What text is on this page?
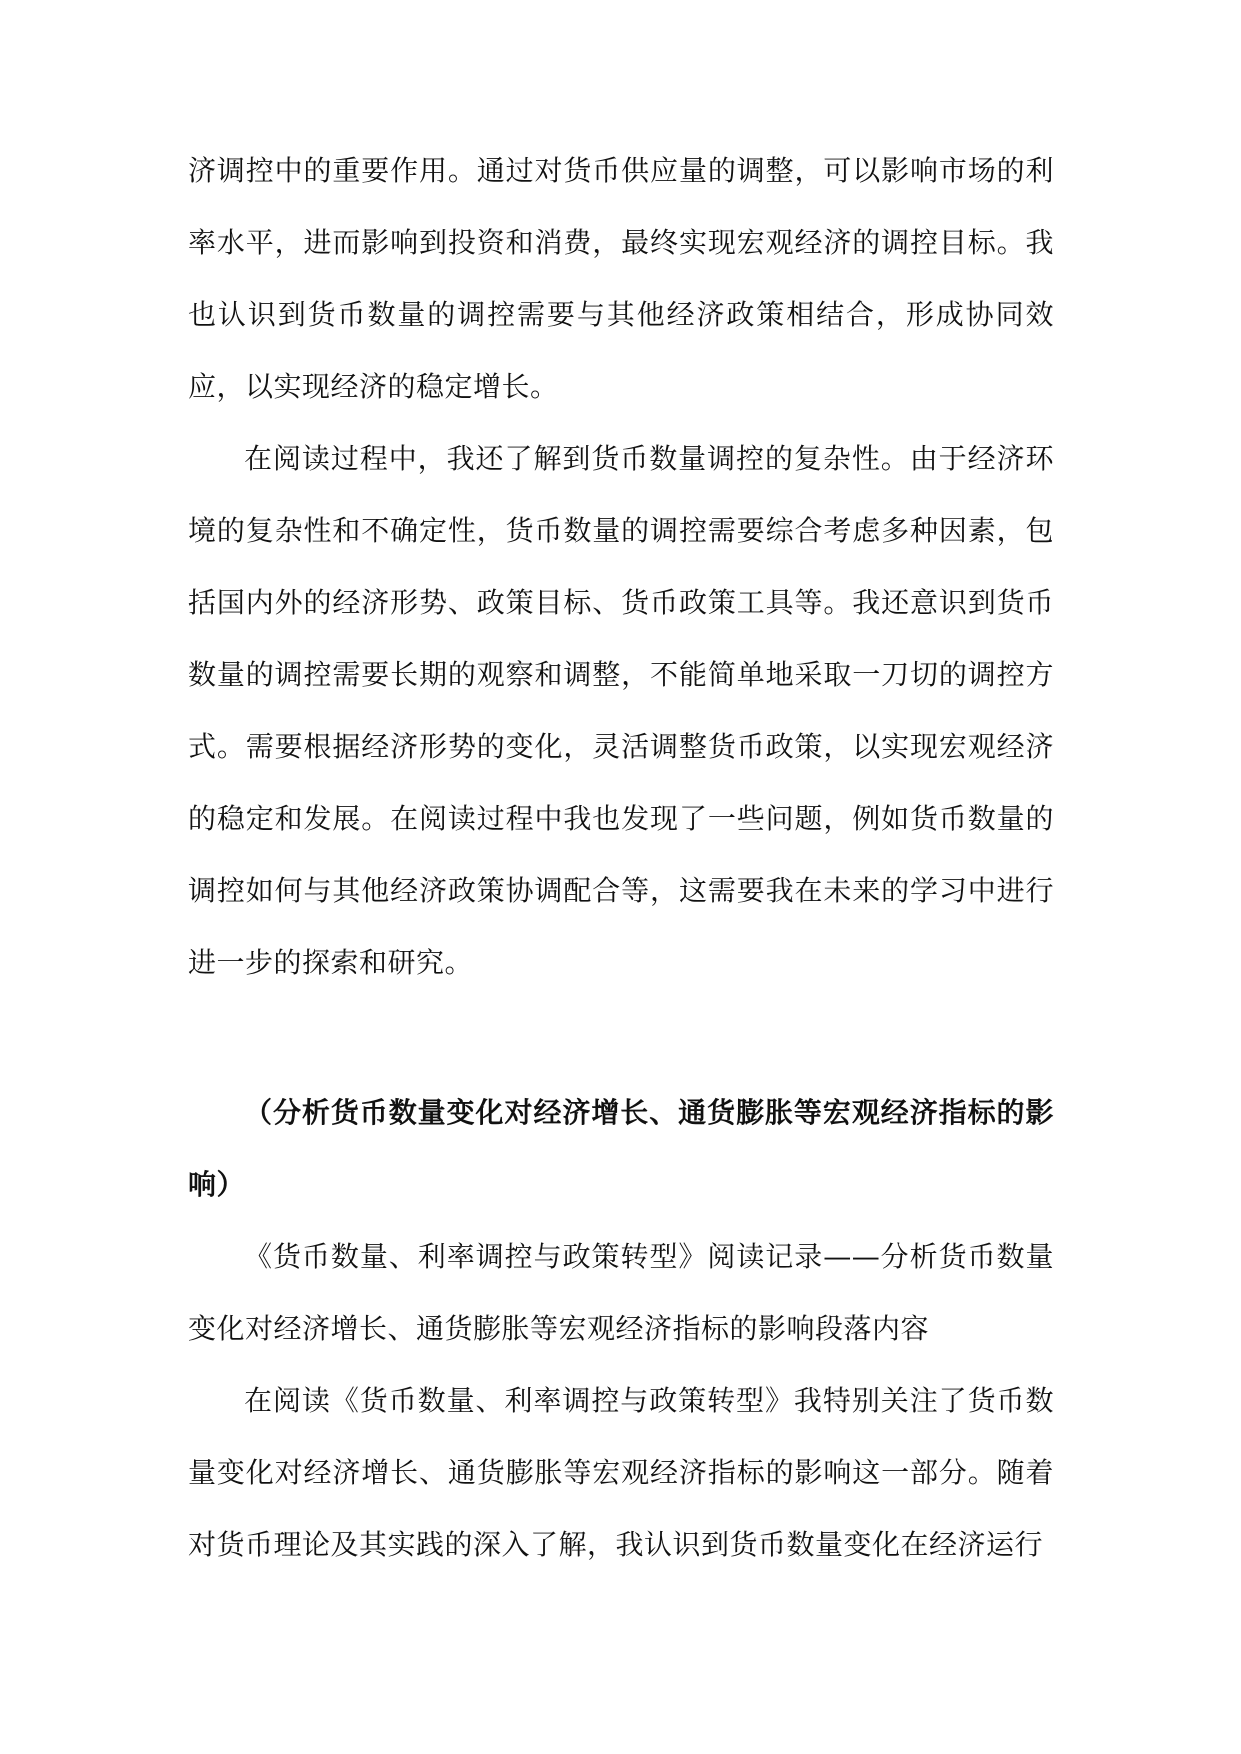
济调控中的重要作用。通过对货币供应量的调整，可以影响市场的利率水平，进而影响到投资和消费，最终实现宏观经济的调控目标。我也认识到货币数量的调控需要与其他经济政策相结合，形成协同效应，以实现经济的稳定增长。

在阅读过程中，我还了解到货币数量调控的复杂性。由于经济环境的复杂性和不确定性，货币数量的调控需要综合考虑多种因素，包括国内外的经济形势、政策目标、货币政策工具等。我还意识到货币数量的调控需要长期的观察和调整，不能简单地采取一刀切的调控方式。需要根据经济形势的变化，灵活调整货币政策，以实现宏观经济的稳定和发展。在阅读过程中我也发现了一些问题，例如货币数量的调控如何与其他经济政策协调配合等，这需要我在未来的学习中进行进一步的探索和研究。

（分析货币数量变化对经济增长、通货膨胀等宏观经济指标的影响）

《货币数量、利率调控与政策转型》阅读记录——分析货币数量变化对经济增长、通货膨胀等宏观经济指标的影响段落内容

在阅读《货币数量、利率调控与政策转型》我特别关注了货币数量变化对经济增长、通货膨胀等宏观经济指标的影响这一部分。随着对货币理论及其实践的深入了解，我认识到货币数量变化在经济运行
